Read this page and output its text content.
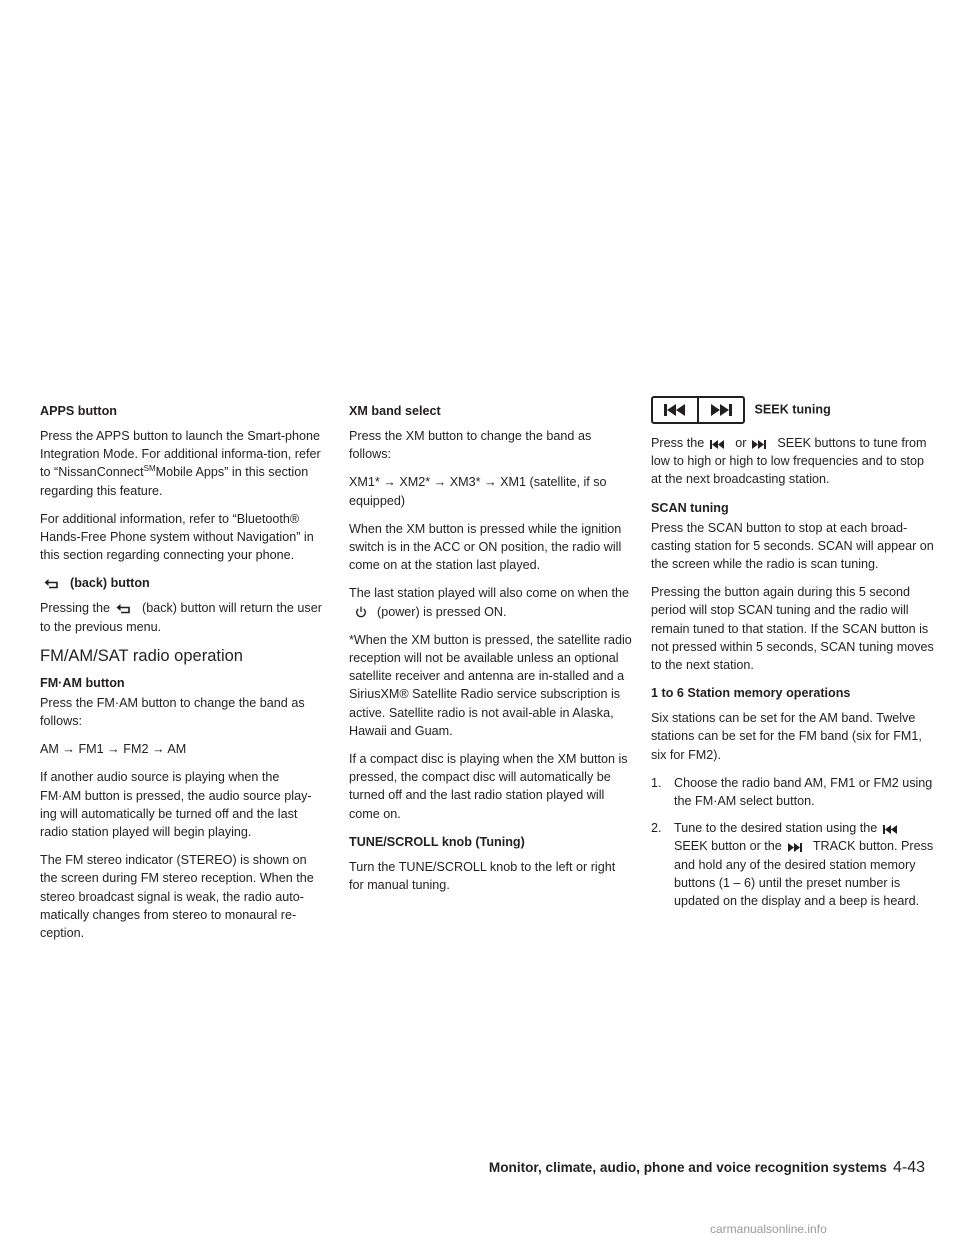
APPS button

Press the APPS button to launch the Smart-phone Integration Mode. For additional informa-tion, refer to “NissanConnect℠Mobile Apps” in this section regarding this feature.

For additional information, refer to “Bluetooth® Hands-Free Phone system without Navigation” in this section regarding connecting your phone.

(back) button

Pressing the	(back) button will return the user to the previous menu.

FM/AM/SAT radio operation
FM·AM button

Press the FM·AM button to change the band as follows:

AM → FM1 → FM2 → AM

If another audio source is playing when the FM·AM button is pressed, the audio source play-ing will automatically be turned off and the last radio station played will begin playing.

The FM stereo indicator (STEREO) is shown on the screen during FM stereo reception. When the stereo broadcast signal is weak, the radio auto-matically changes from stereo to monaural re-ception.

XM band select

Press the XM button to change the band as follows:

XM1* → XM2* → XM3* → XM1 (satellite, if so equipped)

When the XM button is pressed while the ignition switch is in the ACC or ON position, the radio will come on at the station last played.

The last station played will also come on when the
(power) is pressed ON.

*When the XM button is pressed, the satellite radio reception will not be available unless an optional satellite receiver and antenna are in-stalled and a SiriusXM® Satellite Radio service subscription is active. Satellite radio is not avail-able in Alaska, Hawaii and Guam.

If a compact disc is playing when the XM button is pressed, the compact disc will automatically be turned off and the last radio station played will come on.

TUNE/SCROLL knob (Tuning)

Turn the TUNE/SCROLL knob to the left or right for manual tuning.

SEEK tuning

Press the or SEEK buttons to tune from low to high or high to low frequencies and to stop at the next broadcasting station.

SCAN tuning

Press the SCAN button to stop at each broad-casting station for 5 seconds. SCAN will appear on the screen while the radio is scan tuning.

Pressing the button again during this 5 second period will stop SCAN tuning and the radio will remain tuned to that station. If the SCAN button is not pressed within 5 seconds, SCAN tuning moves to the next station.

1 to 6 Station memory operations

Six stations can be set for the AM band. Twelve stations can be set for the FM band (six for FM1, six for FM2).

1. Choose the radio band AM, FM1 or FM2 using the FM·AM select button.
2. Tune to the desired station using the
SEEK button or the TRACK button. Press and hold any of the desired station memory buttons (1 – 6) until the preset number is updated on the display and a beep is heard.
Monitor, climate, audio, phone and voice recognition systems 4-43
carmanualsonline.info
